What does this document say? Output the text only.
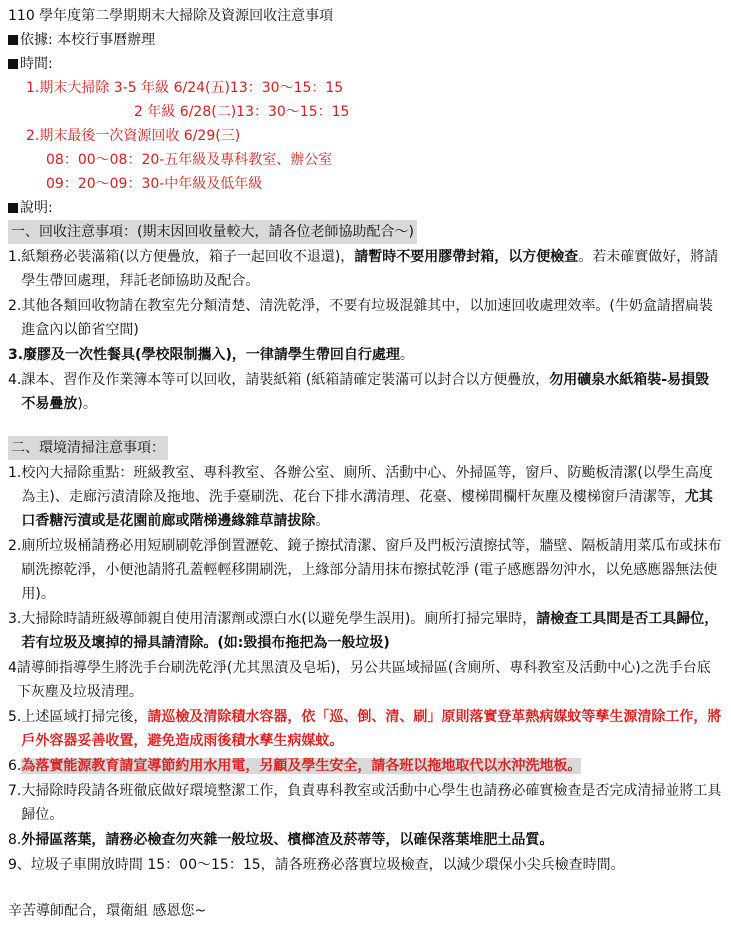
110 學年度第二學期期末大掃除及資源回收注意事項
依據: 本校行事曆辦理
時間:
1.期末大掃除 3-5 年級 6/24(五)13：30～15：15
2 年級 6/28(二)13：30～15：15
2.期末最後一次資源回收 6/29(三)
08：00～08：20-五年級及專科教室、辦公室
09：20～09：30-中年級及低年級
說明:
一、回收注意事項：(期末因回收量較大，請各位老師協助配合～)
1. 紙類務必裝滿箱(以方便疊放，箱子一起回收不退還)，請暫時不要用膠帶封箱，以方便檢查。若未確實做好，將請學生帶回處理，拜託老師協助及配合。
2. 其他各類回收物請在教室先分類清楚、清洗乾淨，不要有垃圾混雜其中，以加速回收處理效率。(牛奶盒請摺扁裝進盒內以節省空間)
3. 廢膠及一次性餐具(學校限制攜入)，一律請學生帶回自行處理。
4. 課本、習作及作業簿本等可以回收，請裝紙箱 (紙箱請確定裝滿可以封合以方便疊放，勿用礦泉水紙箱裝-易損毀不易疊放)。
二、環境清掃注意事項：
1. 校內大掃除重點：班級教室、專科教室、各辦公室、廁所、活動中心、外掃區等，窗戶、防颱板清潔(以學生高度為主)、走廊污漬清除及拖地、洗手臺刷洗、花台下排水溝清理、花臺、樓梯間欄杆灰塵及樓梯窗戶清潔等，尤其口香糖污漬或是花園前廊或階梯邊緣雜草請拔除。
2. 廁所垃圾桶請務必用短刷刷乾淨倒置瀝乾、鏡子擦拭清潔、窗戶及門板污漬擦拭等，牆壁、隔板請用菜瓜布或抹布刷洗擦乾淨，小便池請將孔蓋輕輕移開刷洗，上緣部分請用抹布擦拭乾淨 (電子感應器勿沖水，以免感應器無法使用)。
3. 大掃除時請班級導師親自使用清潔劑或漂白水(以避免學生誤用)。廁所打掃完畢時，請檢查工具間是否工具歸位，若有垃圾及壞掉的掃具請清除。(如:毀損布拖把為一般垃圾)
4 請導師指導學生將洗手台刷洗乾淨(尤其黑漬及皂垢)，另公共區域掃區(含廁所、專科教室及活動中心)之洗手台底下灰塵及垃圾清理。
5. 上述區域打掃完後，請巡檢及清除積水容器，依「巡、倒、清、刷」原則落實登革熱病媒蚊等孳生源清除工作，將戶外容器妥善收置，避免造成雨後積水孳生病媒蚊。
6. 為落實能源教育請宣導節約用水用電，另顧及學生安全，請各班以拖地取代以水沖洗地板。
7. 大掃除時段請各班徹底做好環境整潔工作，負責專科教室或活動中心學生也請務必確實檢查是否完成清掃並將工具歸位。
8. 外掃區落葉，請務必檢查勿夾雜一般垃圾、檳榔渣及菸蒂等，以確保落葉堆肥土品質。
9、 垃圾子車開放時間 15：00～15：15，請各班務必落實垃圾檢查，以減少環保小尖兵檢查時間。
辛苦導師配合，環衛組 感恩您~
